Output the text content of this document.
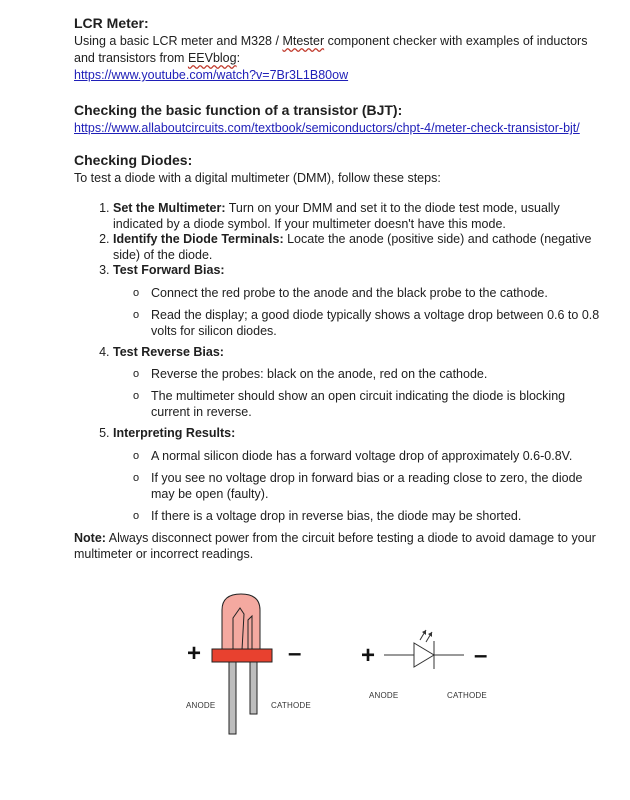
LCR Meter:

Using a basic LCR meter and M328 / Mtester component checker with examples of inductors and transistors from EEVblog:

https://www.youtube.com/watch?v=7Br3L1B80ow

Checking the basic function of a transistor (BJT):

https://www.allaboutcircuits.com/textbook/semiconductors/chpt-4/meter-check-transistor-bjt/

Checking Diodes:

To test a diode with a digital multimeter (DMM), follow these steps:

1. Set the Multimeter: Turn on your DMM and set it to the diode test mode, usually indicated by a diode symbol. If your multimeter doesn't have this mode.
2. Identify the Diode Terminals: Locate the anode (positive side) and cathode (negative side) of the diode.
3. Test Forward Bias:
o Connect the red probe to the anode and the black probe to the cathode.
o Read the display; a good diode typically shows a voltage drop between 0.6 to 0.8 volts for silicon diodes.
4. Test Reverse Bias:
o Reverse the probes: black on the anode, red on the cathode.
o The multimeter should show an open circuit indicating the diode is blocking current in reverse.
5. Interpreting Results:
o A normal silicon diode has a forward voltage drop of approximately 0.6-0.8V.
o If you see no voltage drop in forward bias or a reading close to zero, the diode may be open (faulty).
o If there is a voltage drop in reverse bias, the diode may be shorted.

Note: Always disconnect power from the circuit before testing a diode to avoid damage to your multimeter or incorrect readings.

+	–
ANODE	CATHODE
+	–
ANODE	CATHODE
